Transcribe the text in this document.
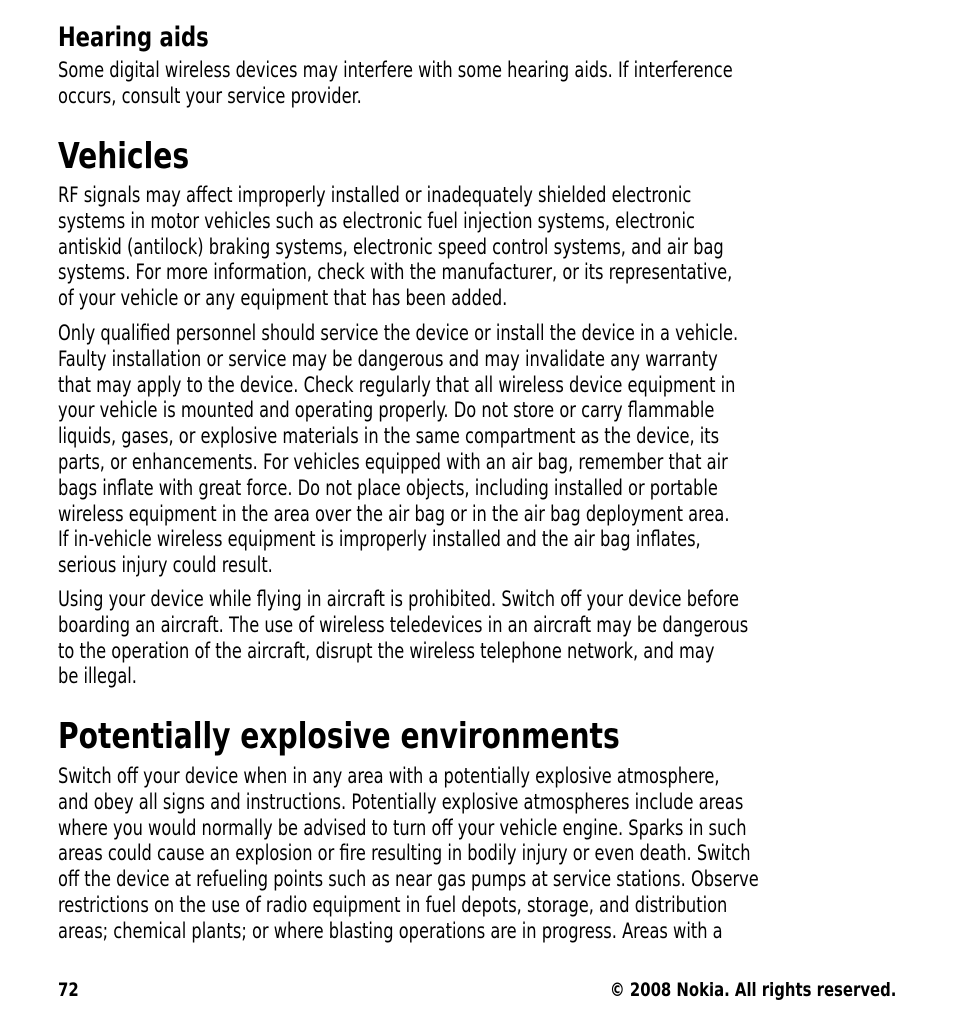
Hearing aids
Some digital wireless devices may interfere with some hearing aids. If interference
occurs, consult your service provider.
Vehicles
RF signals may affect improperly installed or inadequately shielded electronic
systems in motor vehicles such as electronic fuel injection systems, electronic
antiskid (antilock) braking systems, electronic speed control systems, and air bag
systems. For more information, check with the manufacturer, or its representative,
of your vehicle or any equipment that has been added.
Only qualified personnel should service the device or install the device in a vehicle.
Faulty installation or service may be dangerous and may invalidate any warranty
that may apply to the device. Check regularly that all wireless device equipment in
your vehicle is mounted and operating properly. Do not store or carry flammable
liquids, gases, or explosive materials in the same compartment as the device, its
parts, or enhancements. For vehicles equipped with an air bag, remember that air
bags inflate with great force. Do not place objects, including installed or portable
wireless equipment in the area over the air bag or in the air bag deployment area.
If in-vehicle wireless equipment is improperly installed and the air bag inflates,
serious injury could result.
Using your device while flying in aircraft is prohibited. Switch off your device before
boarding an aircraft. The use of wireless teledevices in an aircraft may be dangerous
to the operation of the aircraft, disrupt the wireless telephone network, and may
be illegal.
Potentially explosive environments
Switch off your device when in any area with a potentially explosive atmosphere,
and obey all signs and instructions. Potentially explosive atmospheres include areas
where you would normally be advised to turn off your vehicle engine. Sparks in such
areas could cause an explosion or fire resulting in bodily injury or even death. Switch
off the device at refueling points such as near gas pumps at service stations. Observe
restrictions on the use of radio equipment in fuel depots, storage, and distribution
areas; chemical plants; or where blasting operations are in progress. Areas with a
72	© 2008 Nokia. All rights reserved.
